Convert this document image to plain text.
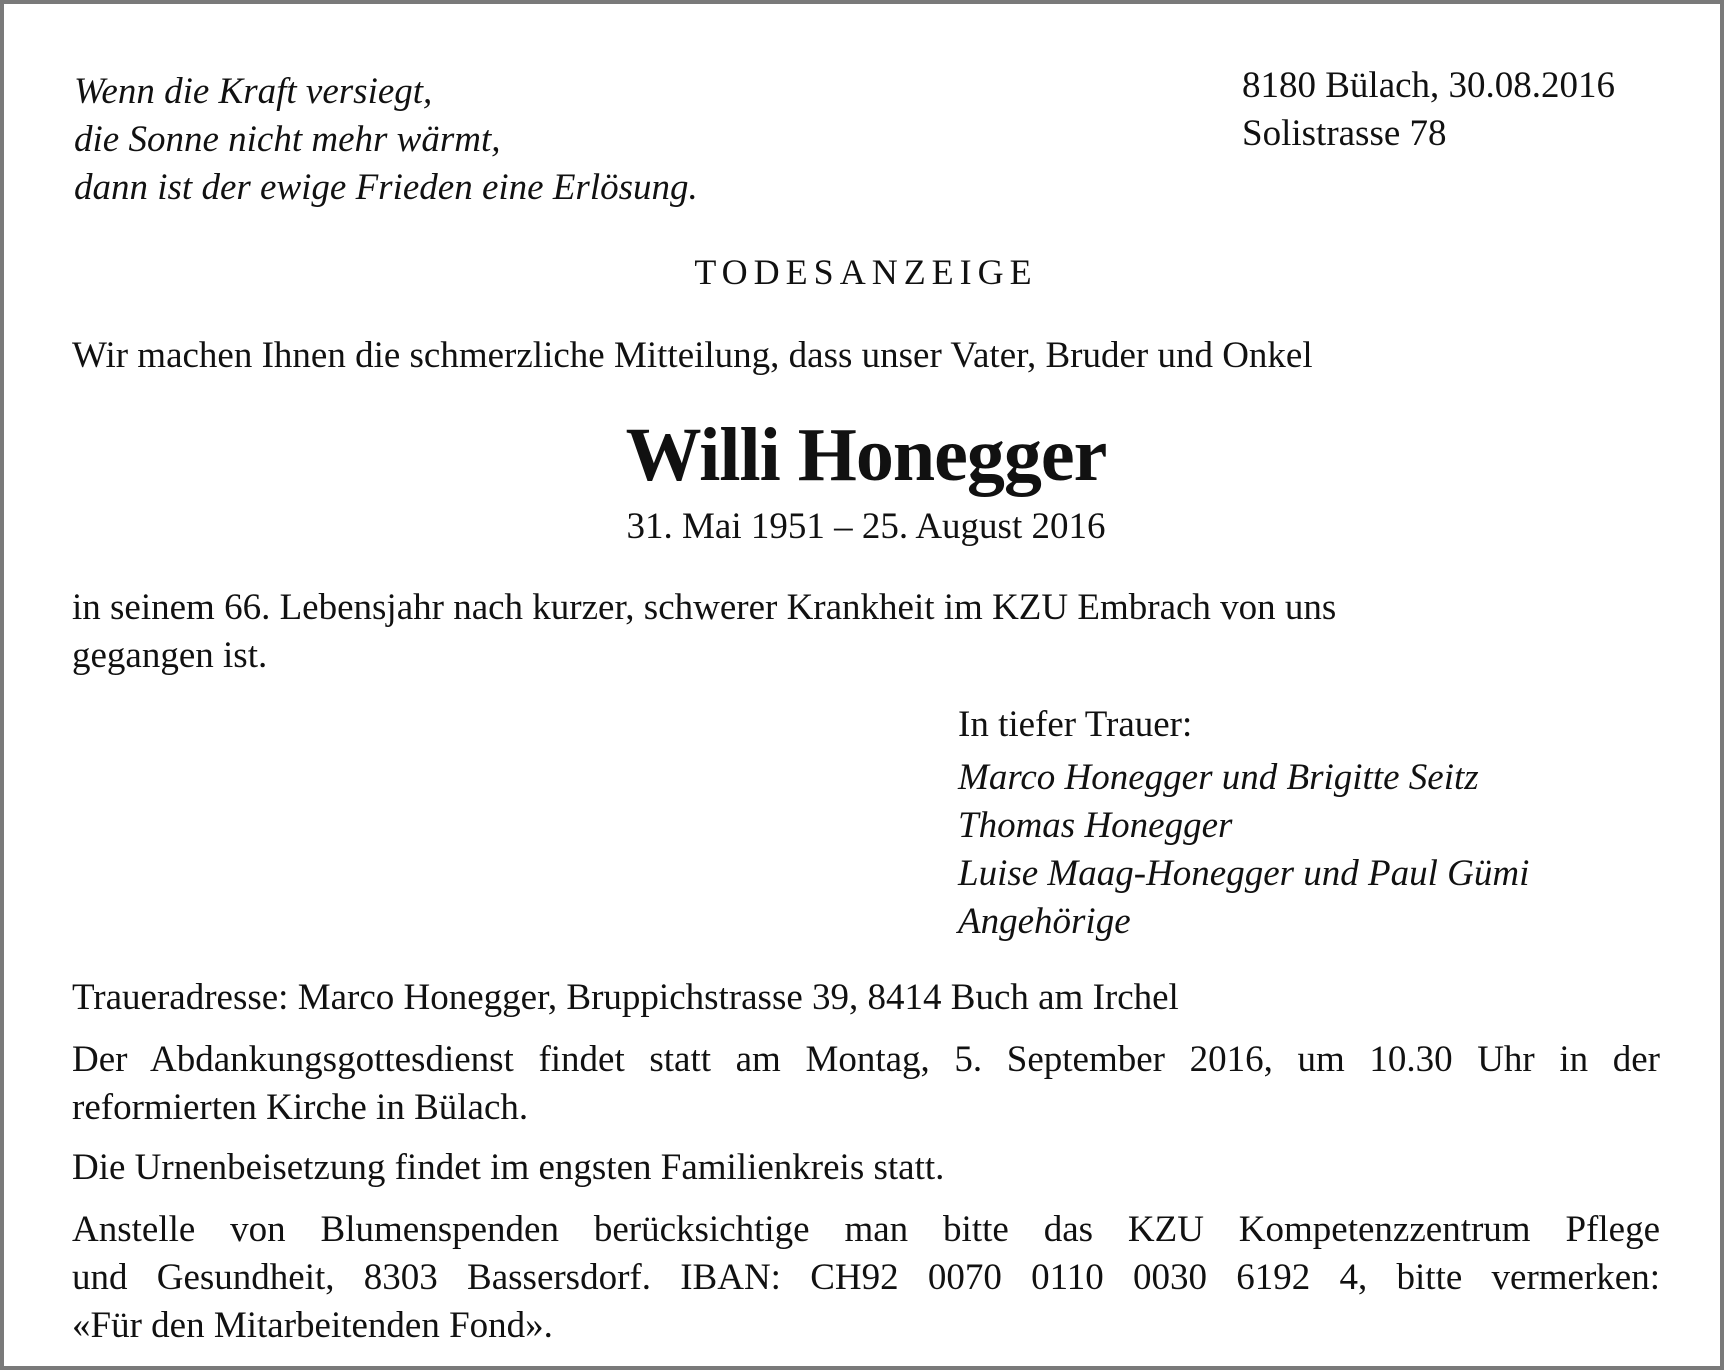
Wenn die Kraft versiegt,
die Sonne nicht mehr wärmt,
dann ist der ewige Frieden eine Erlösung.
8180 Bülach, 30.08.2016
Solistrasse 78
TODESANZEIGE
Wir machen Ihnen die schmerzliche Mitteilung, dass unser Vater, Bruder und Onkel
Willi Honegger
31. Mai 1951 – 25. August 2016
in seinem 66. Lebensjahr nach kurzer, schwerer Krankheit im KZU Embrach von uns
gegangen ist.
In tiefer Trauer:
Marco Honegger und Brigitte Seitz
Thomas Honegger
Luise Maag-Honegger und Paul Gümi
Angehörige
Traueradresse: Marco Honegger, Bruppichstrasse 39, 8414 Buch am Irchel
Der Abdankungsgottesdienst findet statt am Montag, 5. September 2016, um 10.30 Uhr in der
reformierten Kirche in Bülach.
Die Urnenbeisetzung findet im engsten Familienkreis statt.
Anstelle von Blumenspenden berücksichtige man bitte das KZU Kompetenzzentrum Pflege
und Gesundheit, 8303 Bassersdorf. IBAN: CH92 0070 0110 0030 6192 4, bitte vermerken:
«Für den Mitarbeitenden Fond».
